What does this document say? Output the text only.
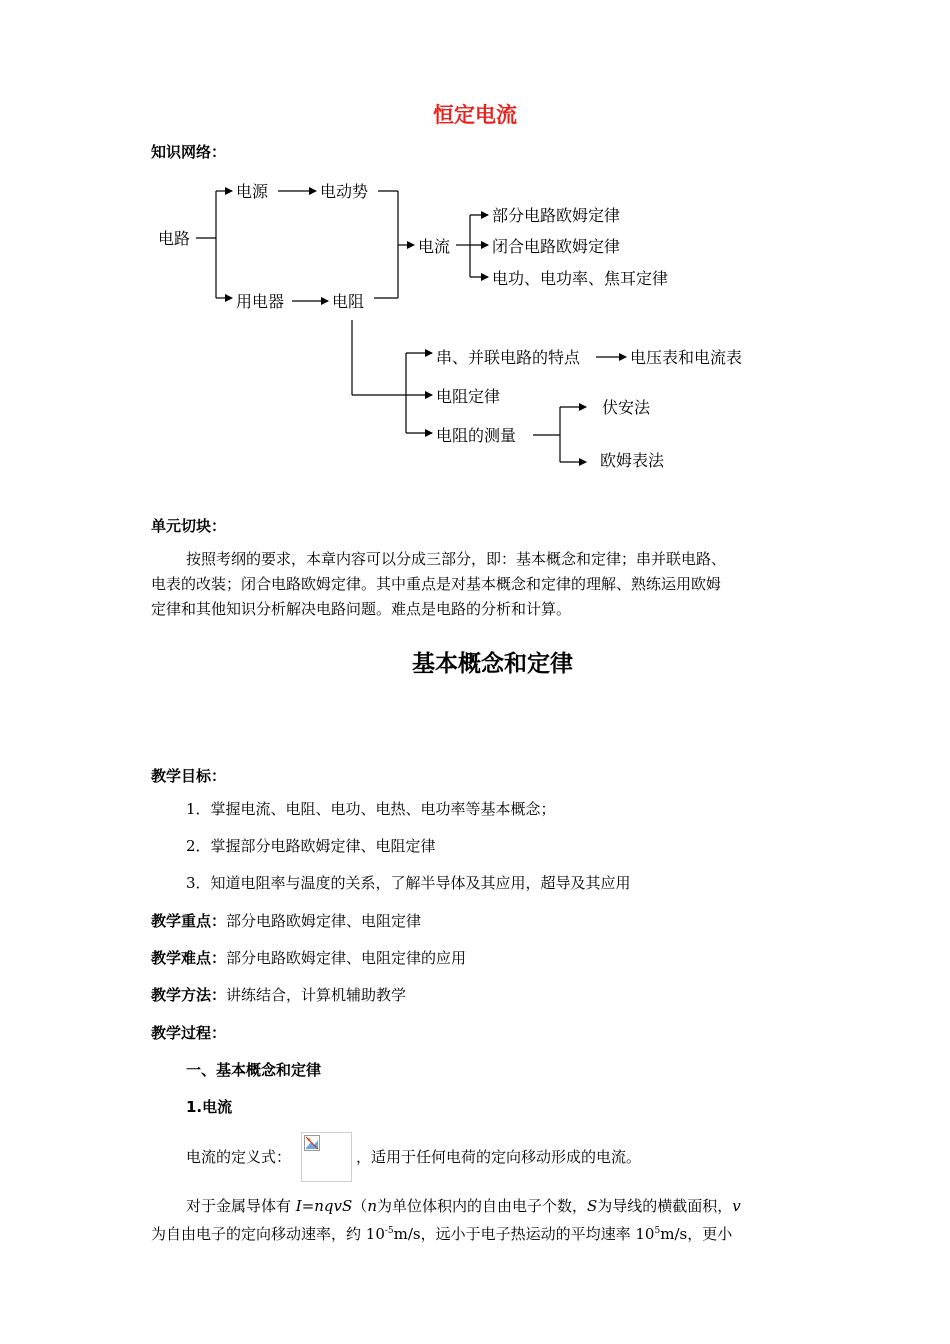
恒定电流
知识网络：
电路
电源	电动势
用电器	电阻
电流
部分电路欧姆定律
闭合电路欧姆定律
电功、电功率、焦耳定律
串、并联电路的特点	电压表和电流表
电阻定律
电阻的测量
伏安法
欧姆表法
单元切块：
按照考纲的要求，本章内容可以分成三部分，即：基本概念和定律；串并联电路、
电表的改装；闭合电路欧姆定律。其中重点是对基本概念和定律的理解、熟练运用欧姆
定律和其他知识分析解决电路问题。难点是电路的分析和计算。
基本概念和定律
教学目标：
1．掌握电流、电阻、电功、电热、电功率等基本概念；
2．掌握部分电路欧姆定律、电阻定律
3．知道电阻率与温度的关系，了解半导体及其应用，超导及其应用
教学重点：部分电路欧姆定律、电阻定律
教学难点：部分电路欧姆定律、电阻定律的应用
教学方法：讲练结合，计算机辅助教学
教学过程：
一、基本概念和定律
1.电流
电流的定义式：	，适用于任何电荷的定向移动形成的电流。
对于金属导体有 I=nqvS（n为单位体积内的自由电子个数，S为导线的横截面积，v
为自由电子的定向移动速率，约 $10^{-5}m/s$，远小于电子热运动的平均速率 $10^5m/s$，更小
